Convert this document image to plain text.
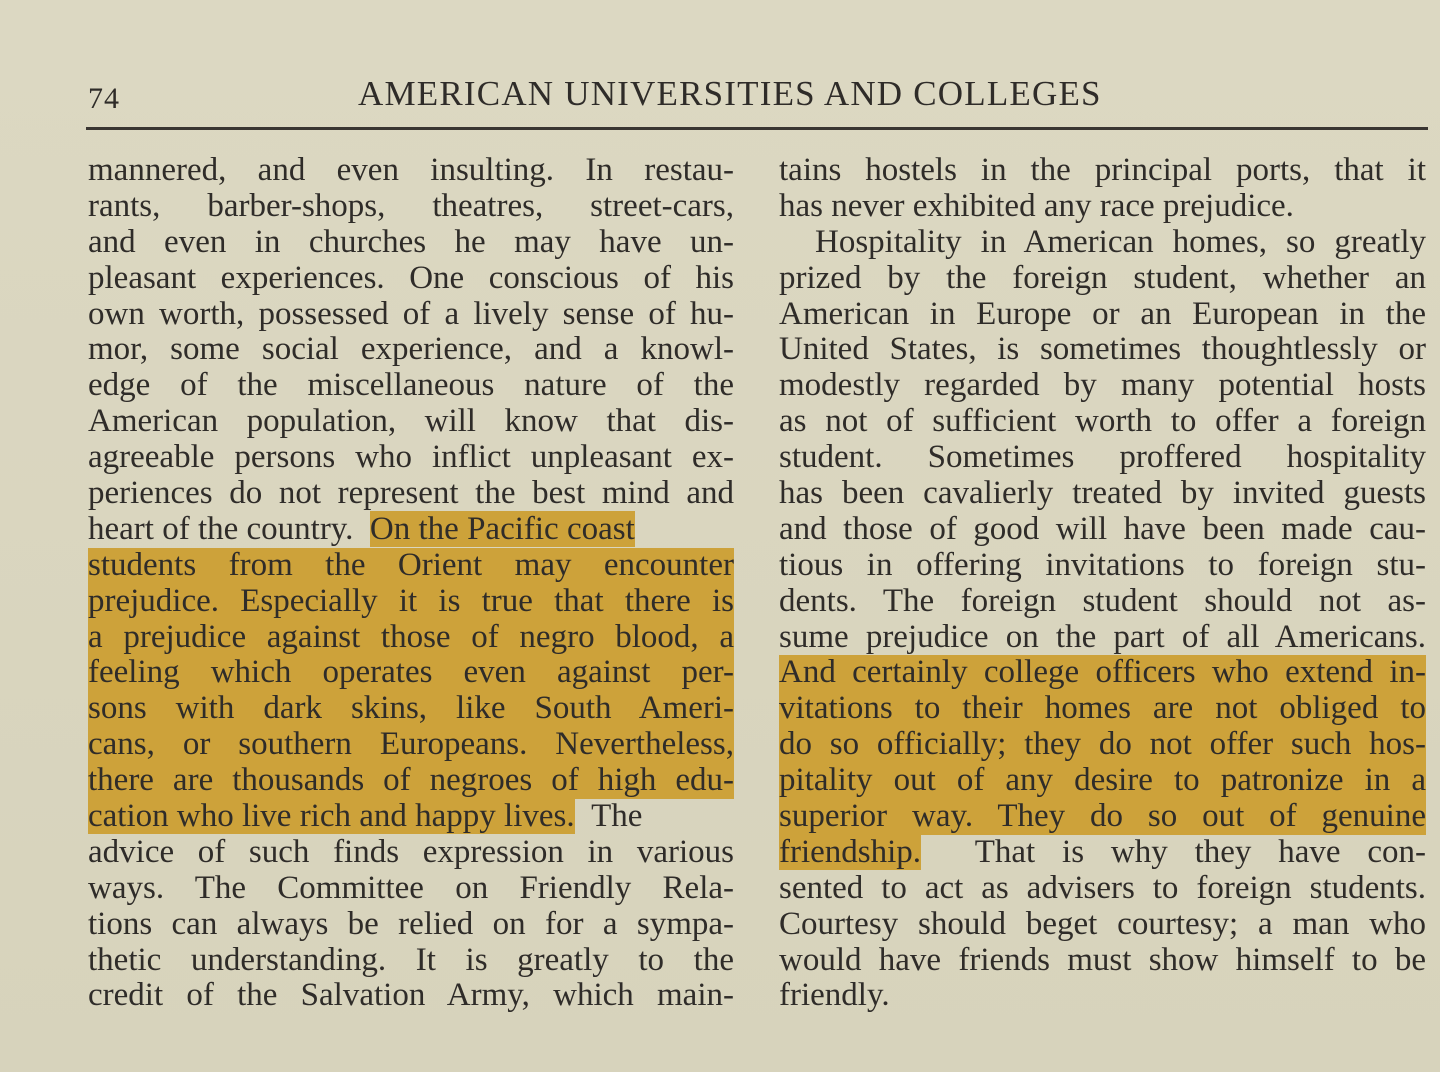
74	AMERICAN UNIVERSITIES AND COLLEGES
mannered, and even insulting. In restau-
rants, barber-shops, theatres, street-cars,
and even in churches he may have un-
pleasant experiences. One conscious of his
own worth, possessed of a lively sense of hu-
mor, some social experience, and a knowl-
edge of the miscellaneous nature of the
American population, will know that dis-
agreeable persons who inflict unpleasant ex-
periences do not represent the best mind and
heart of the country. On the Pacific coast
students from the Orient may encounter
prejudice. Especially it is true that there is
a prejudice against those of negro blood, a
feeling which operates even against per-
sons with dark skins, like South Ameri-
cans, or southern Europeans. Nevertheless,
there are thousands of negroes of high edu-
cation who live rich and happy lives. The
advice of such finds expression in various
ways. The Committee on Friendly Rela-
tions can always be relied on for a sympa-
thetic understanding. It is greatly to the
credit of the Salvation Army, which main-
tains hostels in the principal ports, that it
has never exhibited any race prejudice.
Hospitality in American homes, so greatly
prized by the foreign student, whether an
American in Europe or an European in the
United States, is sometimes thoughtlessly or
modestly regarded by many potential hosts
as not of sufficient worth to offer a foreign
student. Sometimes proffered hospitality
has been cavalierly treated by invited guests
and those of good will have been made cau-
tious in offering invitations to foreign stu-
dents. The foreign student should not as-
sume prejudice on the part of all Americans.
And certainly college officers who extend in-
vitations to their homes are not obliged to
do so officially; they do not offer such hos-
pitality out of any desire to patronize in a
superior way. They do so out of genuine
friendship. That is why they have con-
sented to act as advisers to foreign students.
Courtesy should beget courtesy; a man who
would have friends must show himself to be
friendly.
